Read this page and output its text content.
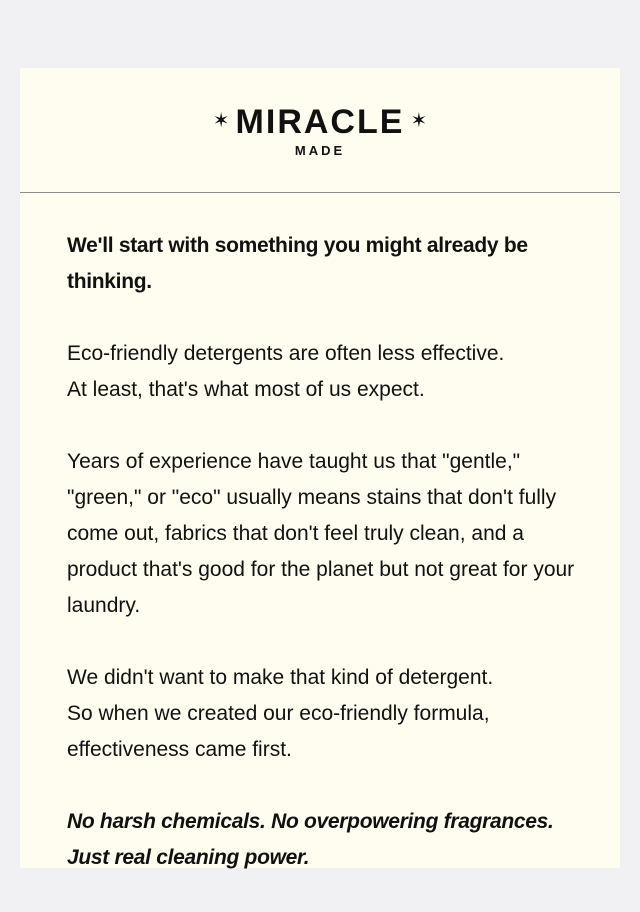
✶ MIRACLE ✶
MADE

We'll start with something you might already be thinking.

Eco-friendly detergents are often less effective.
At least, that's what most of us expect.

Years of experience have taught us that "gentle," "green," or "eco" usually means stains that don't fully come out, fabrics that don't feel truly clean, and a product that's good for the planet but not great for your laundry.

We didn't want to make that kind of detergent.
So when we created our eco-friendly formula,
effectiveness came first.

No harsh chemicals. No overpowering fragrances. Just real cleaning power.
